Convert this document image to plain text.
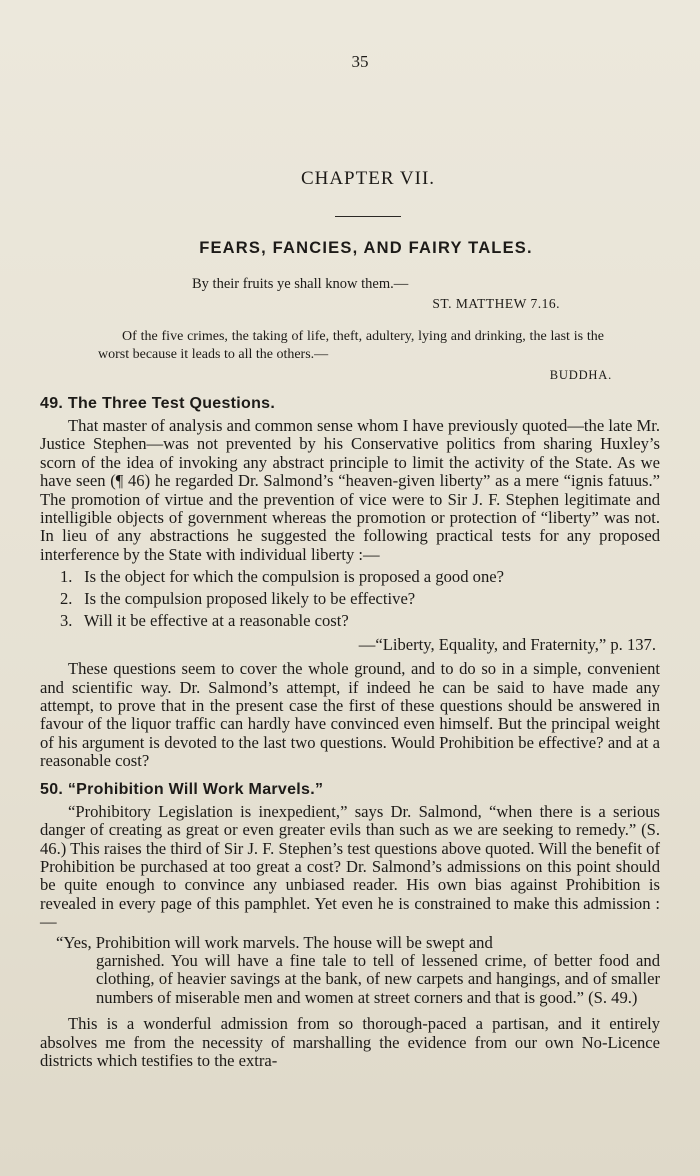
35
CHAPTER VII.
FEARS, FANCIES, AND FAIRY TALES.
By their fruits ye shall know them.—
ST. MATTHEW 7.16.
Of the five crimes, the taking of life, theft, adultery, lying and drinking, the last is the worst because it leads to all the others.—
BUDDHA.
49. The Three Test Questions.

That master of analysis and common sense whom I have previously quoted—the late Mr. Justice Stephen—was not prevented by his Conservative politics from sharing Huxley’s scorn of the idea of invoking any abstract principle to limit the activity of the State. As we have seen (¶ 46) he regarded Dr. Salmond’s “heaven-given liberty” as a mere “ignis fatuus.” The promotion of virtue and the prevention of vice were to Sir J. F. Stephen legitimate and intelligible objects of government whereas the promotion or protection of “liberty” was not. In lieu of any abstractions he suggested the following practical tests for any proposed interference by the State with individual liberty :—

1. Is the object for which the compulsion is proposed a good one?
2. Is the compulsion proposed likely to be effective?
3. Will it be effective at a reasonable cost?
—“Liberty, Equality, and Fraternity,” p. 137.

These questions seem to cover the whole ground, and to do so in a simple, convenient and scientific way. Dr. Salmond’s attempt, if indeed he can be said to have made any attempt, to prove that in the present case the first of these questions should be answered in favour of the liquor traffic can hardly have convinced even himself. But the principal weight of his argument is devoted to the last two questions. Would Prohibition be effective? and at a reasonable cost?

50. “Prohibition Will Work Marvels.”

“Prohibitory Legislation is inexpedient,” says Dr. Salmond, “when there is a serious danger of creating as great or even greater evils than such as we are seeking to remedy.” (S. 46.) This raises the third of Sir J. F. Stephen’s test questions above quoted. Will the benefit of Prohibition be purchased at too great a cost? Dr. Salmond’s admissions on this point should be quite enough to convince any unbiased reader. His own bias against Prohibition is revealed in every page of this pamphlet. Yet even he is constrained to make this admission :—

“Yes, Prohibition will work marvels. The house will be swept and
garnished. You will have a fine tale to tell of lessened crime, of better food and clothing, of heavier savings at the bank, of new carpets and hangings, and of smaller numbers of miserable men and women at street corners and that is good.” (S. 49.)

This is a wonderful admission from so thorough-paced a partisan, and it entirely absolves me from the necessity of marshalling the evidence from our own No-Licence districts which testifies to the extra-
